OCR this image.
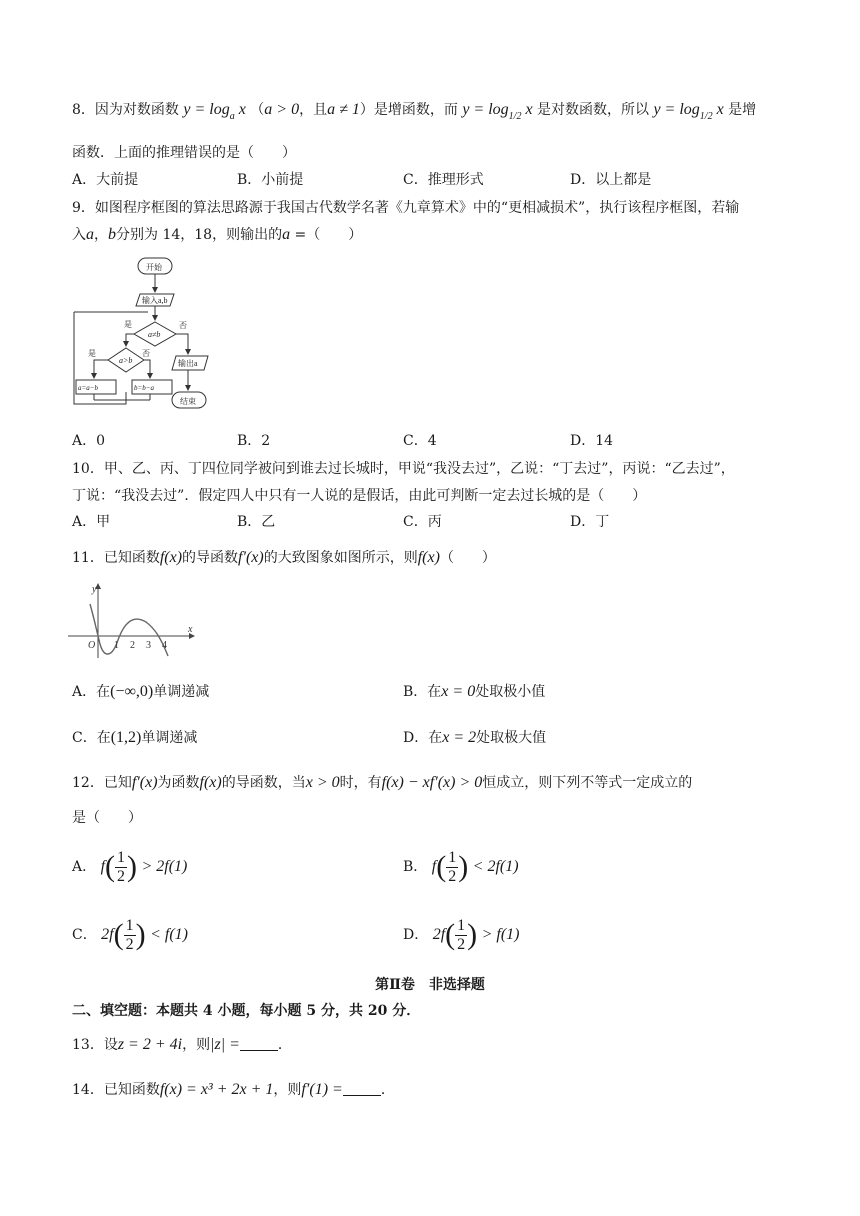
8．因为对数函数 $y = \log_a x$ （a > 0，且a ≠ 1）是增函数，而 $y = \log_{1/2} x$ 是对数函数，所以 $y = \log_{1/2} x$ 是增
函数．上面的推理错误的是（　　）
A．大前提	B．小前提	C．推理形式	D．以上都是
9．如图程序框图的算法思路源于我国古代数学名著《九章算术》中的“更相减损术”，执行该程序框图，若输
入a，b分别为 14，18，则输出的a =（　　）
开始
输入a,b
a≠b
是	否
a>b
是	否
a=a−b	b=b−a
输出a
结束
A．0	B．2	C．4	D．14
10．甲、乙、丙、丁四位同学被问到谁去过长城时，甲说“我没去过”，乙说：“丁去过”，丙说：“乙去过”，
丁说：“我没去过”．假定四人中只有一人说的是假话，由此可判断一定去过长城的是（　　）
A．甲	B．乙	C．丙	D．丁
11．已知函数f(x)的导函数f′(x)的大致图象如图所示，则f(x)（　　）
y
x
O 1 2 3 4
A．在(−∞,0)单调递减	B．在x = 0处取极小值
C．在(1,2)单调递减	D．在x = 2处取极大值
12．已知f′(x)为函数f(x)的导函数，当x > 0时，有f(x) − xf′(x) > 0恒成立，则下列不等式一定成立的
是（　　）
A． $f( \frac{1}{2}$ ) > 2f(1)	B． $f( \frac{1}{2}$ ) < 2f(1)
C． $2f( \frac{1}{2}$ ) < f(1)	D． $2f( \frac{1}{2}$ ) > f(1)
第Ⅱ卷　非选择题
二、填空题：本题共 4 小题，每小题 5 分，共 20 分．
13．设z = 2 + 4i，则|z| =	．
14．已知函数f(x) = x³ + 2x + 1，则f′(1) =	．
